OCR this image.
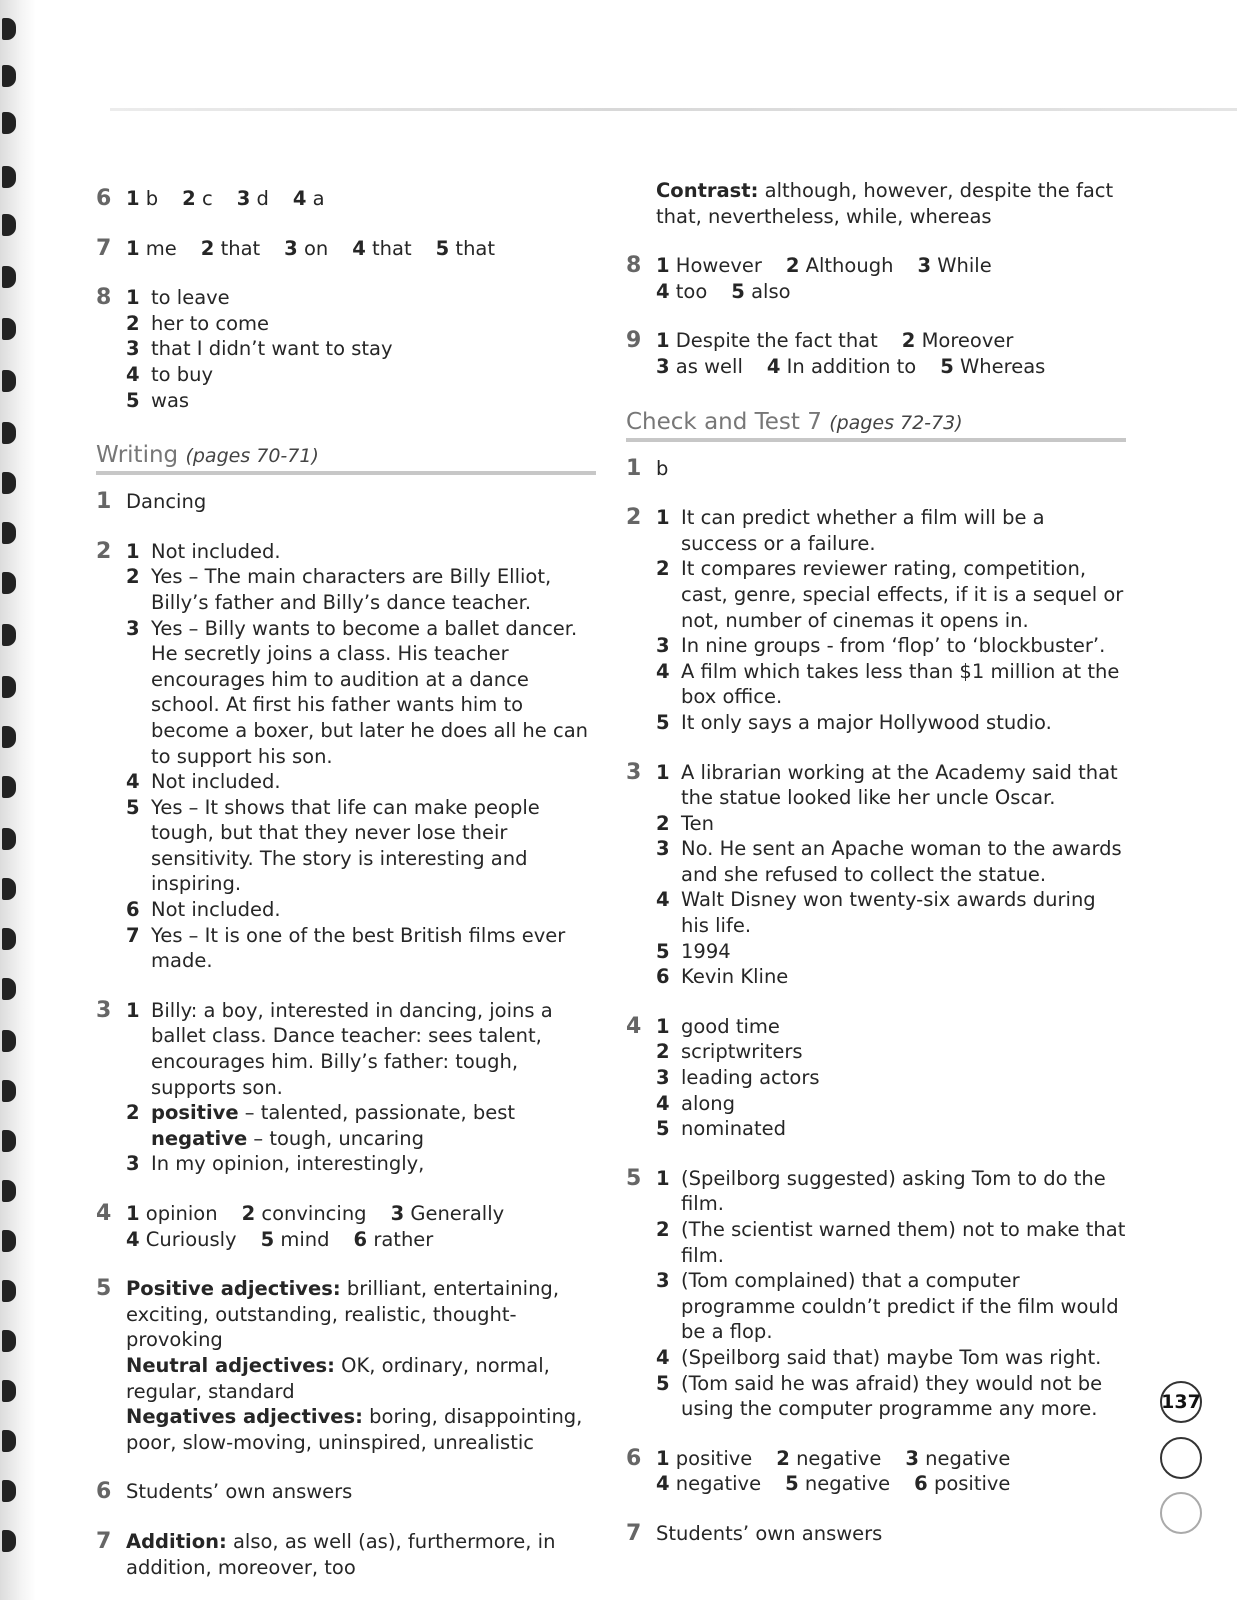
6 1 b 2 c 3 d 4 a
7 1 me 2 that 3 on 4 that 5 that
8 1 to leave
2 her to come
3 that I didn’t want to stay
4 to buy
5 was
Writing (pages 70-71)
1 Dancing
2 1 Not included.
2 Yes – The main characters are Billy Elliot, Billy’s father and Billy’s dance teacher.
3 Yes – Billy wants to become a ballet dancer. He secretly joins a class. His teacher encourages him to audition at a dance school. At first his father wants him to become a boxer, but later he does all he can to support his son.
4 Not included.
5 Yes – It shows that life can make people tough, but that they never lose their sensitivity. The story is interesting and inspiring.
6 Not included.
7 Yes – It is one of the best British films ever made.
3 1 Billy: a boy, interested in dancing, joins a ballet class. Dance teacher: sees talent, encourages him. Billy’s father: tough, supports son.
2 positive – talented, passionate, best
negative – tough, uncaring
3 In my opinion, interestingly,
4 1 opinion 2 convincing 3 Generally
4 Curiously 5 mind 6 rather
5 Positive adjectives: brilliant, entertaining, exciting, outstanding, realistic, thought-provoking
Neutral adjectives: OK, ordinary, normal, regular, standard
Negatives adjectives: boring, disappointing, poor, slow-moving, uninspired, unrealistic
6 Students’ own answers
7 Addition: also, as well (as), furthermore, in addition, moreover, too
Contrast: although, however, despite the fact that, nevertheless, while, whereas
8 1 However 2 Although 3 While
4 too 5 also
9 1 Despite the fact that 2 Moreover
3 as well 4 In addition to 5 Whereas
Check and Test 7 (pages 72-73)
1 b
2 1 It can predict whether a film will be a success or a failure.
2 It compares reviewer rating, competition, cast, genre, special effects, if it is a sequel or not, number of cinemas it opens in.
3 In nine groups - from ‘flop’ to ‘blockbuster’.
4 A film which takes less than $1 million at the box office.
5 It only says a major Hollywood studio.
3 1 A librarian working at the Academy said that the statue looked like her uncle Oscar.
2 Ten
3 No. He sent an Apache woman to the awards and she refused to collect the statue.
4 Walt Disney won twenty-six awards during his life.
5 1994
6 Kevin Kline
4 1 good time
2 scriptwriters
3 leading actors
4 along
5 nominated
5 1 (Speilborg suggested) asking Tom to do the film.
2 (The scientist warned them) not to make that film.
3 (Tom complained) that a computer programme couldn’t predict if the film would be a flop.
4 (Speilborg said that) maybe Tom was right.
5 (Tom said he was afraid) they would not be using the computer programme any more.
6 1 positive 2 negative 3 negative
4 negative 5 negative 6 positive
7 Students’ own answers
137
